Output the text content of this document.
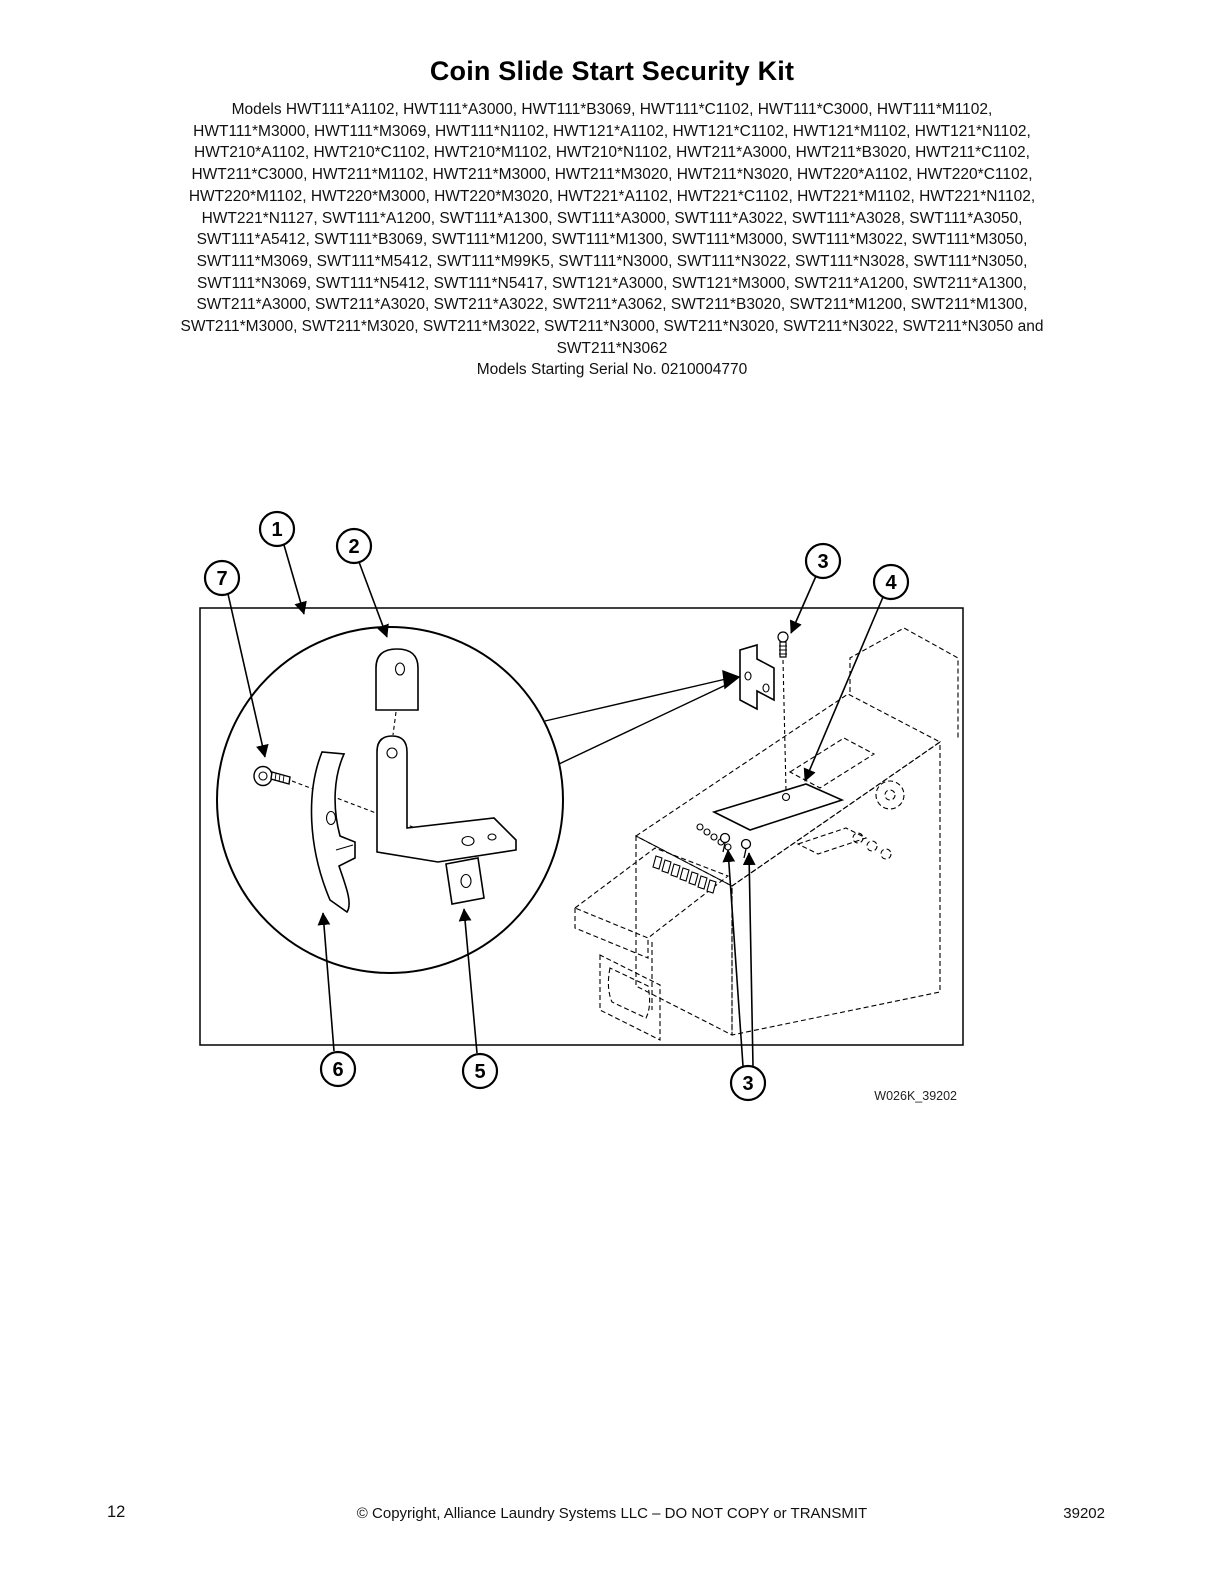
Coin Slide Start Security Kit
Models HWT111*A1102, HWT111*A3000, HWT111*B3069, HWT111*C1102, HWT111*C3000, HWT111*M1102,
HWT111*M3000, HWT111*M3069, HWT111*N1102, HWT121*A1102, HWT121*C1102, HWT121*M1102, HWT121*N1102,
HWT210*A1102, HWT210*C1102, HWT210*M1102, HWT210*N1102, HWT211*A3000, HWT211*B3020, HWT211*C1102,
HWT211*C3000, HWT211*M1102, HWT211*M3000, HWT211*M3020, HWT211*N3020, HWT220*A1102, HWT220*C1102,
HWT220*M1102, HWT220*M3000, HWT220*M3020, HWT221*A1102, HWT221*C1102, HWT221*M1102, HWT221*N1102,
HWT221*N1127, SWT111*A1200, SWT111*A1300, SWT111*A3000, SWT111*A3022, SWT111*A3028, SWT111*A3050,
SWT111*A5412, SWT111*B3069, SWT111*M1200, SWT111*M1300, SWT111*M3000, SWT111*M3022, SWT111*M3050,
SWT111*M3069, SWT111*M5412, SWT111*M99K5, SWT111*N3000, SWT111*N3022, SWT111*N3028, SWT111*N3050,
SWT111*N3069, SWT111*N5412, SWT111*N5417, SWT121*A3000, SWT121*M3000, SWT211*A1200, SWT211*A1300,
SWT211*A3000, SWT211*A3020, SWT211*A3022, SWT211*A3062, SWT211*B3020, SWT211*M1200, SWT211*M1300,
SWT211*M3000, SWT211*M3020, SWT211*M3022, SWT211*N3000, SWT211*N3020, SWT211*N3022, SWT211*N3050 and
SWT211*N3062
Models Starting Serial No. 0210004770
1
2
7
3
4
6	5
3
W026K_39202
12	© Copyright, Alliance Laundry Systems LLC – DO NOT COPY or TRANSMIT	39202
